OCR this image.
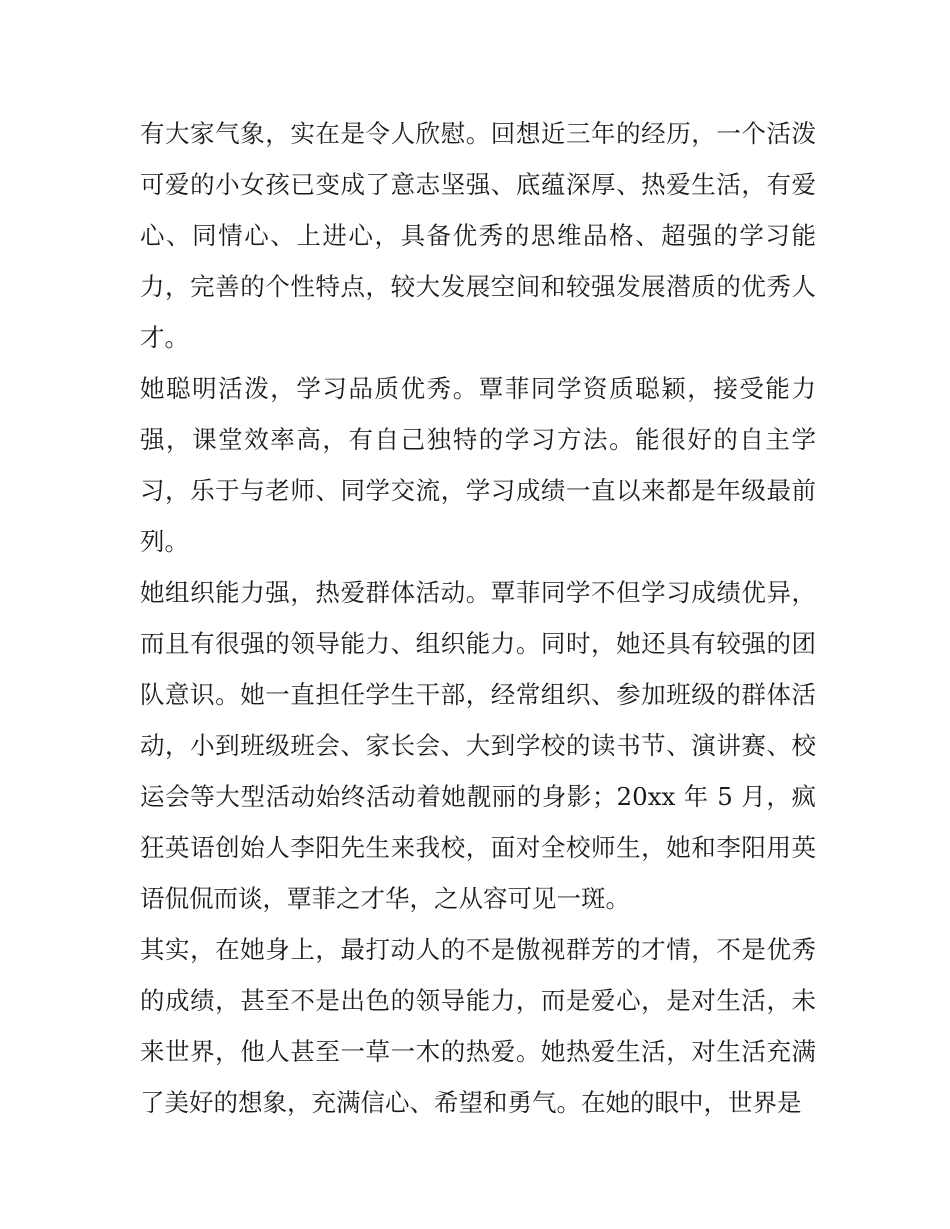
有大家气象，实在是令人欣慰。回想近三年的经历，一个活泼可爱的小女孩已变成了意志坚强、底蕴深厚、热爱生活，有爱心、同情心、上进心，具备优秀的思维品格、超强的学习能力，完善的个性特点，较大发展空间和较强发展潜质的优秀人才。

她聪明活泼，学习品质优秀。覃菲同学资质聪颖，接受能力强，课堂效率高，有自己独特的学习方法。能很好的自主学习，乐于与老师、同学交流，学习成绩一直以来都是年级最前列。

她组织能力强，热爱群体活动。覃菲同学不但学习成绩优异，而且有很强的领导能力、组织能力。同时，她还具有较强的团队意识。她一直担任学生干部，经常组织、参加班级的群体活动，小到班级班会、家长会、大到学校的读书节、演讲赛、校运会等大型活动始终活动着她靓丽的身影；20xx 年 5 月，疯狂英语创始人李阳先生来我校，面对全校师生，她和李阳用英语侃侃而谈，覃菲之才华，之从容可见一斑。

其实，在她身上，最打动人的不是傲视群芳的才情，不是优秀的成绩，甚至不是出色的领导能力，而是爱心，是对生活，未来世界，他人甚至一草一木的热爱。她热爱生活，对生活充满了美好的想象，充满信心、希望和勇气。在她的眼中，世界是
